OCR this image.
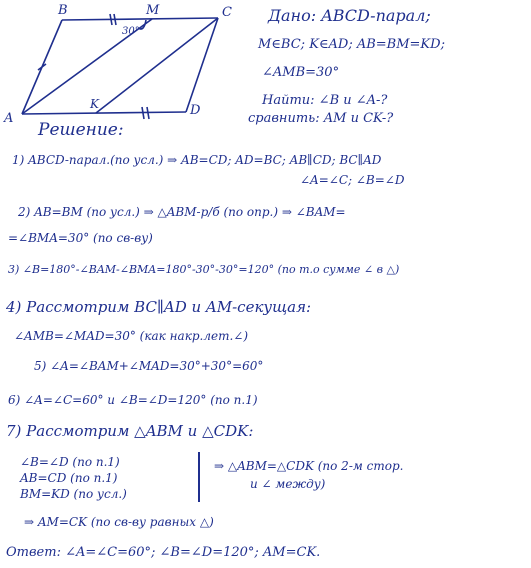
B	M	C
A
K	D
30°
Дано: ABCD-парал;
M∈BC; K∈AD; AB=BM=KD;
∠AMB=30°
Найти: ∠B и ∠A-?
сравнить: AM и CK-?
Решение:
1) ABCD-парал.(по усл.) ⇒ AB=CD; AD=BC; AB∥CD; BC∥AD
∠A=∠C; ∠B=∠D
2) AB=BM (по усл.) ⇒ △ABM-р/б (по опр.) ⇒ ∠BAM=
=∠BMA=30° (по св-ву)
3) ∠B=180°-∠BAM-∠BMA=180°-30°-30°=120° (по т.о сумме ∠ в △)
4) Рассмотрим BC∥AD и AM-секущая:
∠AMB=∠MAD=30° (как накр.лет.∠)
5) ∠A=∠BAM+∠MAD=30°+30°=60°
6) ∠A=∠C=60° и ∠B=∠D=120° (по п.1)
7) Рассмотрим △ABM и △CDK:
∠B=∠D (по п.1)
AB=CD (по п.1)
BM=KD (по усл.)
⇒ △ABM=△CDK (по 2-м стор.
и ∠ между)
⇒ AM=CK (по св-ву равных △)
Ответ: ∠A=∠C=60°; ∠B=∠D=120°; AM=CK.
